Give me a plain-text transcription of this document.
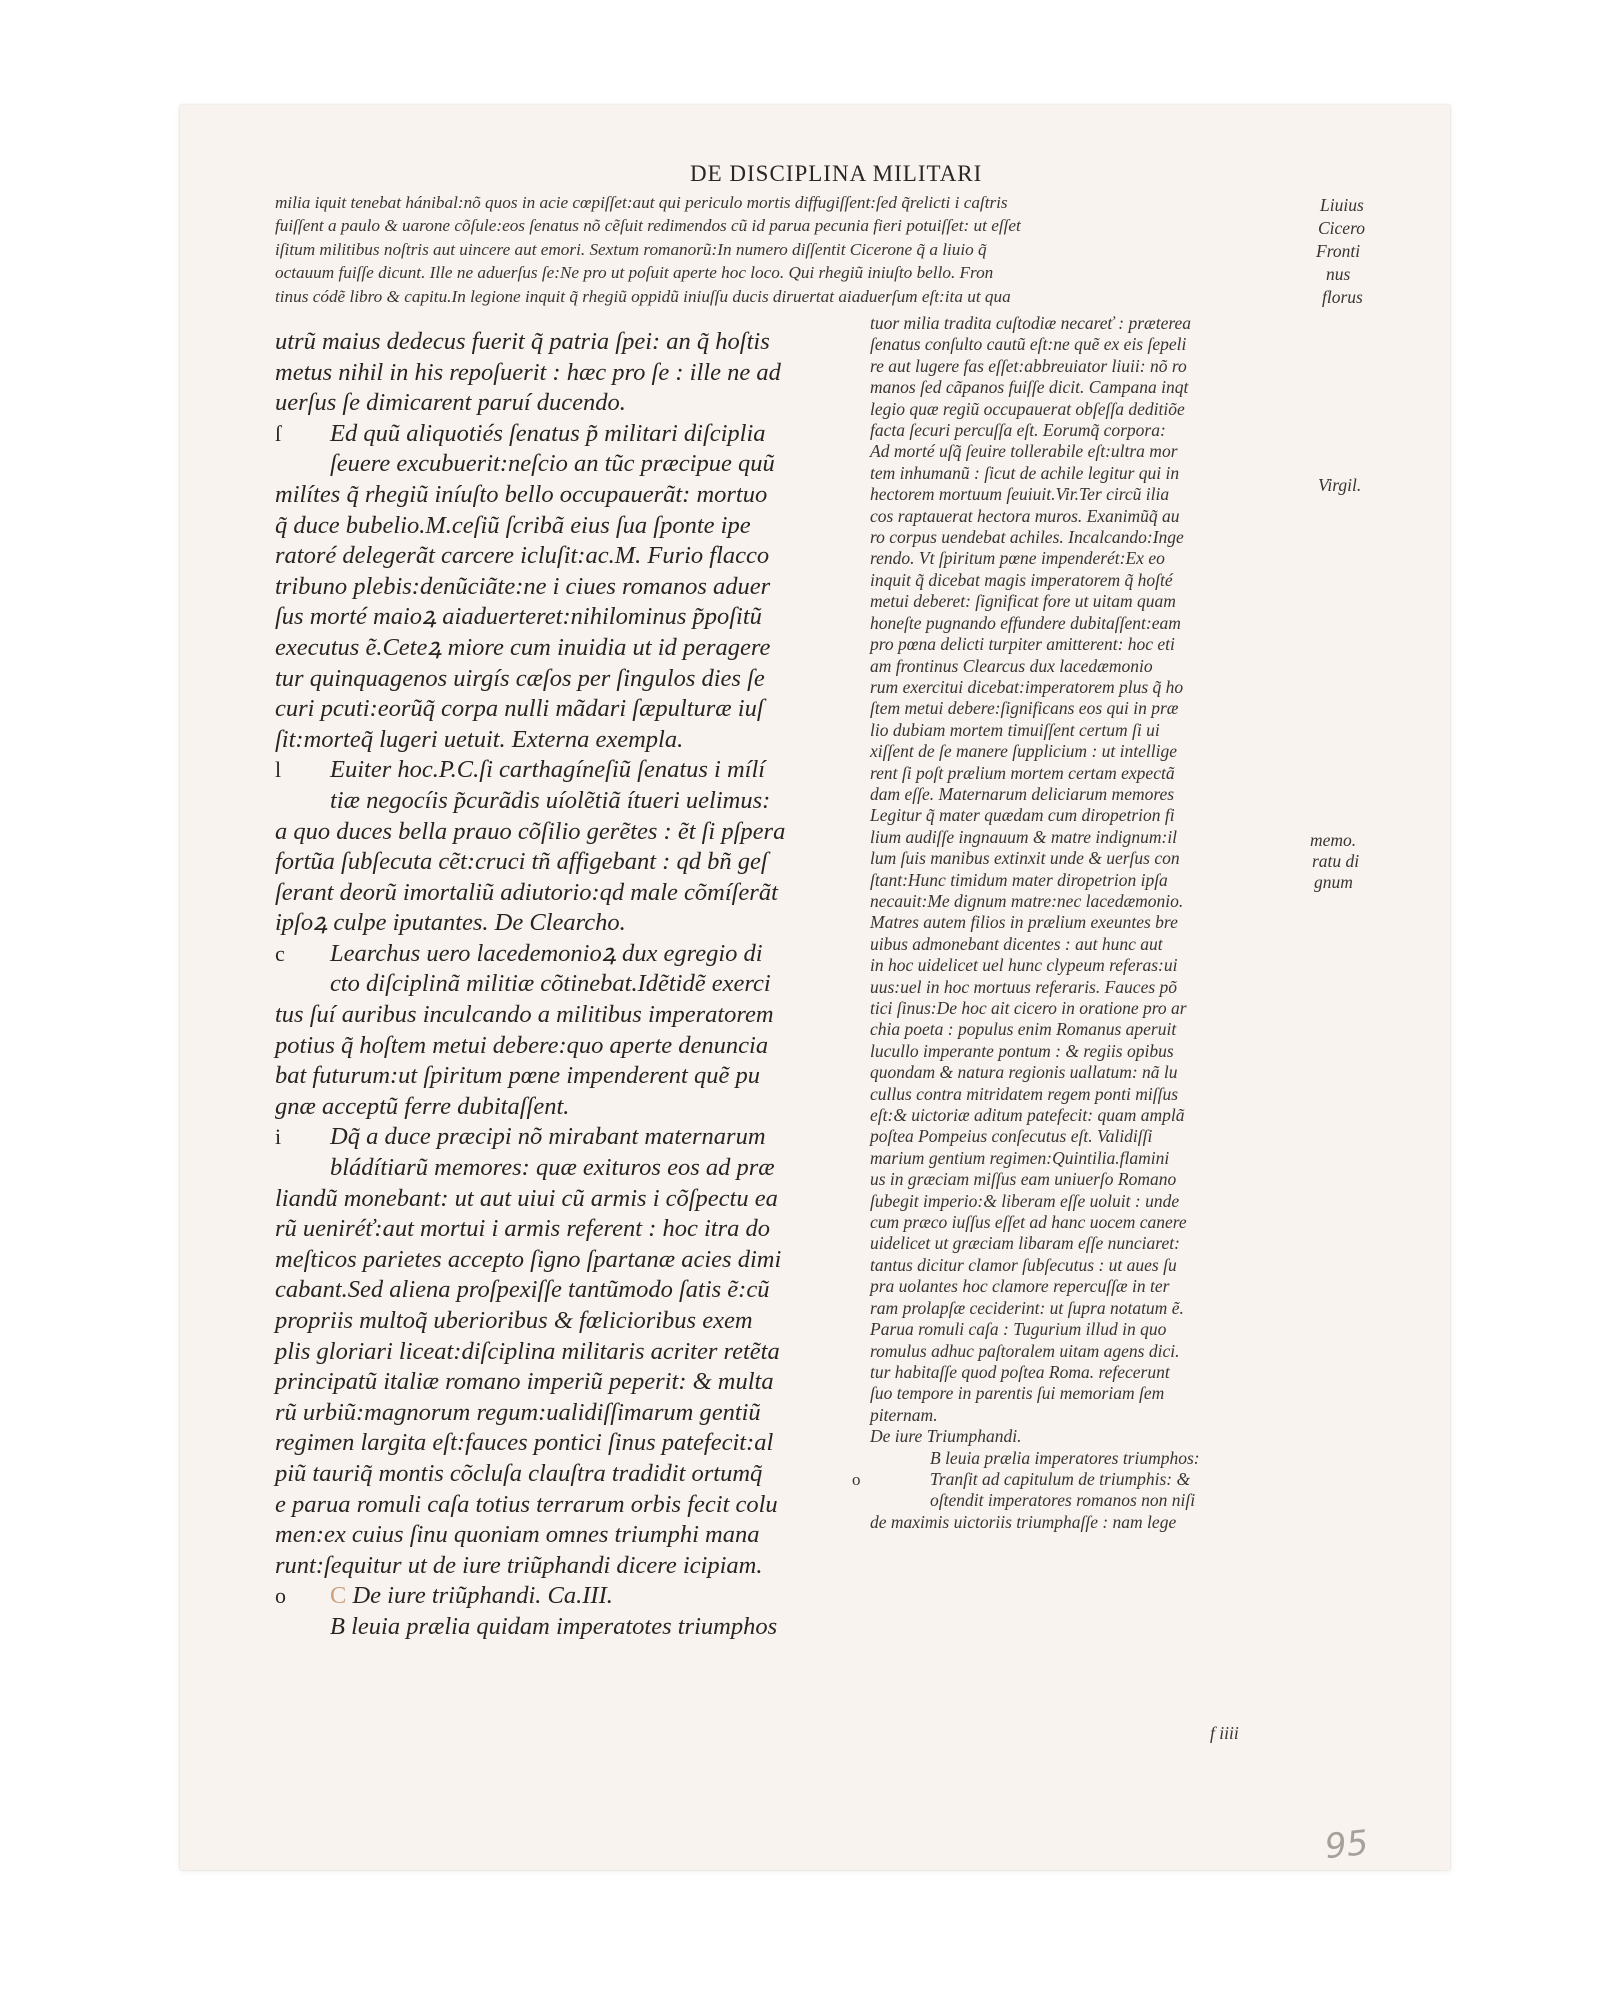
DE DISCIPLINA MILITARI
milia iquit tenebat hánibal:nõ quos in acie cœpiſſet:aut qui periculo mortis diffugiſſent:ſed q̃relicti i caſtris
fuiſſent a paulo & uarone cõſule:eos ſenatus nõ cẽſuit redimendos cũ id parua pecunia fieri potuiſſet: ut eſſet
iſitum militibus noſtris aut uincere aut emori. Sextum romanorũ:In numero diſſentit Cicerone q̃ a liuio q̃
octauum fuiſſe dicunt. Ille ne aduerſus ſe:Ne pro ut poſuit aperte hoc loco. Qui rhegiũ iniuſto bello. Fron
tinus códẽ libro & capitu.In legione inquit q̃ rhegiũ oppidũ iniuſſu ducis diruertat aiaduerſum eſt:ita ut qua
Liuius
Cicero
Fronti
nus
florus
Virgil.
memo.
ratu di
gnum
utrũ maius dedecus fuerit q̃ patria ſpei: an q̃ hoſtis
metus nihil in his repoſuerit : hæc pro ſe : ille ne ad
uerſus ſe dimicarent paruí ducendo.
ſ Ed quũ aliquotiés ſenatus p̃ militari diſciplia
ſeuere excubuerit:neſcio an tũc præcipue quũ
milítes q̃ rhegiũ iníuſto bello occupauerãt: mortuo
q̃ duce bubelio.M.ceſiũ ſcribã eius ſua ſponte ipe
ratoré delegerãt carcere icluſit:ac.M. Furio flacco
tribuno plebis:denũciãte:ne i ciues romanos aduer
ſus morté maioꝝ aiaduerteret:nihilominus p̃poſitũ
executus ẽ.Ceteꝝ miore cum inuidia ut id peragere
tur quinquagenos uirgís cæſos per ſingulos dies ſe
curi pcuti:eorũq̃ corpa nulli mãdari ſæpulturæ iuſ
ſit:morteq̃ lugeri uetuit. Externa exempla.
l Euiter hoc.P.C.ſi carthagíneſiũ ſenatus i mílí
tiæ negocíis p̃curãdis uíolẽtiã ítueri uelimus:
a quo duces bella prauo cõſilio gerẽtes : ẽt ſi pſpera
fortũa ſubſecuta cẽt:cruci tñ affigebant : qd bñ geſ
ſerant deorũ imortaliũ adiutorio:qd male cõmíſerãt
ipſoꝝ culpe iputantes. De Clearcho.
c Learchus uero lacedemonioꝝ dux egregio di
cto diſciplinã militiæ cõtinebat.Idẽtidẽ exerci
tus ſuí auribus inculcando a militibus imperatorem
potius q̃ hoſtem metui debere:quo aperte denuncia
bat futurum:ut ſpiritum pœne impenderent quẽ pu
gnæ acceptũ ferre dubitaſſent.
i Dq̃ a duce præcipi nõ mirabant maternarum
bládítiarũ memores: quæ exituros eos ad præ
liandũ monebant: ut aut uiui cũ armis i cõſpectu ea
rũ ueniréť:aut mortui i armis referent : hoc itra do
meſticos parietes accepto ſigno ſpartanæ acies dimi
cabant.Sed aliena proſpexiſſe tantũmodo ſatis ẽ:cũ
propriis multoq̃ uberioribus & fœlicioribus exem
plis gloriari liceat:diſciplina militaris acriter retẽta
principatũ italiæ romano imperiũ peperit: & multa
rũ urbiũ:magnorum regum:ualidiſſimarum gentiũ
regimen largita eſt:fauces pontici ſinus patefecit:al
piũ tauriq̃ montis cõcluſa clauſtra tradidit ortumq̃
e parua romuli caſa totius terrarum orbis fecit colu
men:ex cuius ſinu quoniam omnes triumphi mana
runt:ſequitur ut de iure triũphandi dicere icipiam.
o C De iure triũphandi. Ca.III.
B leuia prælia quidam imperatotes triumphos
tuor milia tradita cuſtodiæ necareť : præterea
ſenatus conſulto cautũ eſt:ne quẽ ex eis ſepeli
re aut lugere fas eſſet:abbreuiator liuii: nõ ro
manos ſed cãpanos fuiſſe dicit. Campana inqt
legio quæ regiũ occupauerat obſeſſa deditiõe
facta ſecuri percuſſa eſt. Eorumq̃ corpora:
Ad morté uſq̃ ſeuire tollerabile eſt:ultra mor
tem inhumanũ : ſicut de achile legitur qui in
hectorem mortuum ſeuiuit.Vir.Ter circũ ilia
cos raptauerat hectora muros. Exanimũq̃ au
ro corpus uendebat achiles. Incalcando:Inge
rendo. Vt ſpiritum pœne impenderét:Ex eo
inquit q̃ dicebat magis imperatorem q̃ hoſté
metui deberet: ſignificat fore ut uitam quam
honeſte pugnando effundere dubitaſſent:eam
pro pœna delicti turpiter amitterent: hoc eti
am frontinus Clearcus dux lacedæmonio
rum exercitui dicebat:imperatorem plus q̃ ho
ſtem metui debere:ſignificans eos qui in præ
lio dubiam mortem timuiſſent certum ſi ui
xiſſent de ſe manere ſupplicium : ut intellige
rent ſi poſt prælium mortem certam expectã
dam eſſe. Maternarum deliciarum memores
Legitur q̃ mater quædam cum diropetrion fi
lium audiſſe ingnauum & matre indignum:il
lum ſuis manibus extinxit unde & uerſus con
ſtant:Hunc timidum mater diropetrion ipſa
necauit:Me dignum matre:nec lacedæmonio.
Matres autem filios in prælium exeuntes bre
uibus admonebant dicentes : aut hunc aut
in hoc uidelicet uel hunc clypeum referas:ui
uus:uel in hoc mortuus referaris. Fauces põ
tici ſinus:De hoc ait cicero in oratione pro ar
chia poeta : populus enim Romanus aperuit
lucullo imperante pontum : & regiis opibus
quondam & natura regionis uallatum: nã lu
cullus contra mitridatem regem ponti miſſus
eſt:& uictoriæ aditum patefecit: quam amplã
poſtea Pompeius conſecutus eſt. Validiſſi
marium gentium regimen:Quintilia.flamini
us in græciam miſſus eam uniuerſo Romano
ſubegit imperio:& liberam eſſe uoluit : unde
cum præco iuſſus eſſet ad hanc uocem canere
uidelicet ut græciam libaram eſſe nunciaret:
tantus dicitur clamor ſubſecutus : ut aues ſu
pra uolantes hoc clamore repercuſſæ in ter
ram prolapſæ ceciderint: ut ſupra notatum ẽ.
Parua romuli caſa : Tugurium illud in quo
romulus adhuc paſtoralem uitam agens dici.
tur habitaſſe quod poſtea Roma. refecerunt
ſuo tempore in parentis ſui memoriam ſem
piternam.
De iure Triumphandi.
B leuia prælia imperatores triumphos:
o	Tranſit ad capitulum de triumphis: &
oſtendit imperatores romanos non niſi
de maximis uictoriis triumphaſſe : nam lege
f iiii
95
